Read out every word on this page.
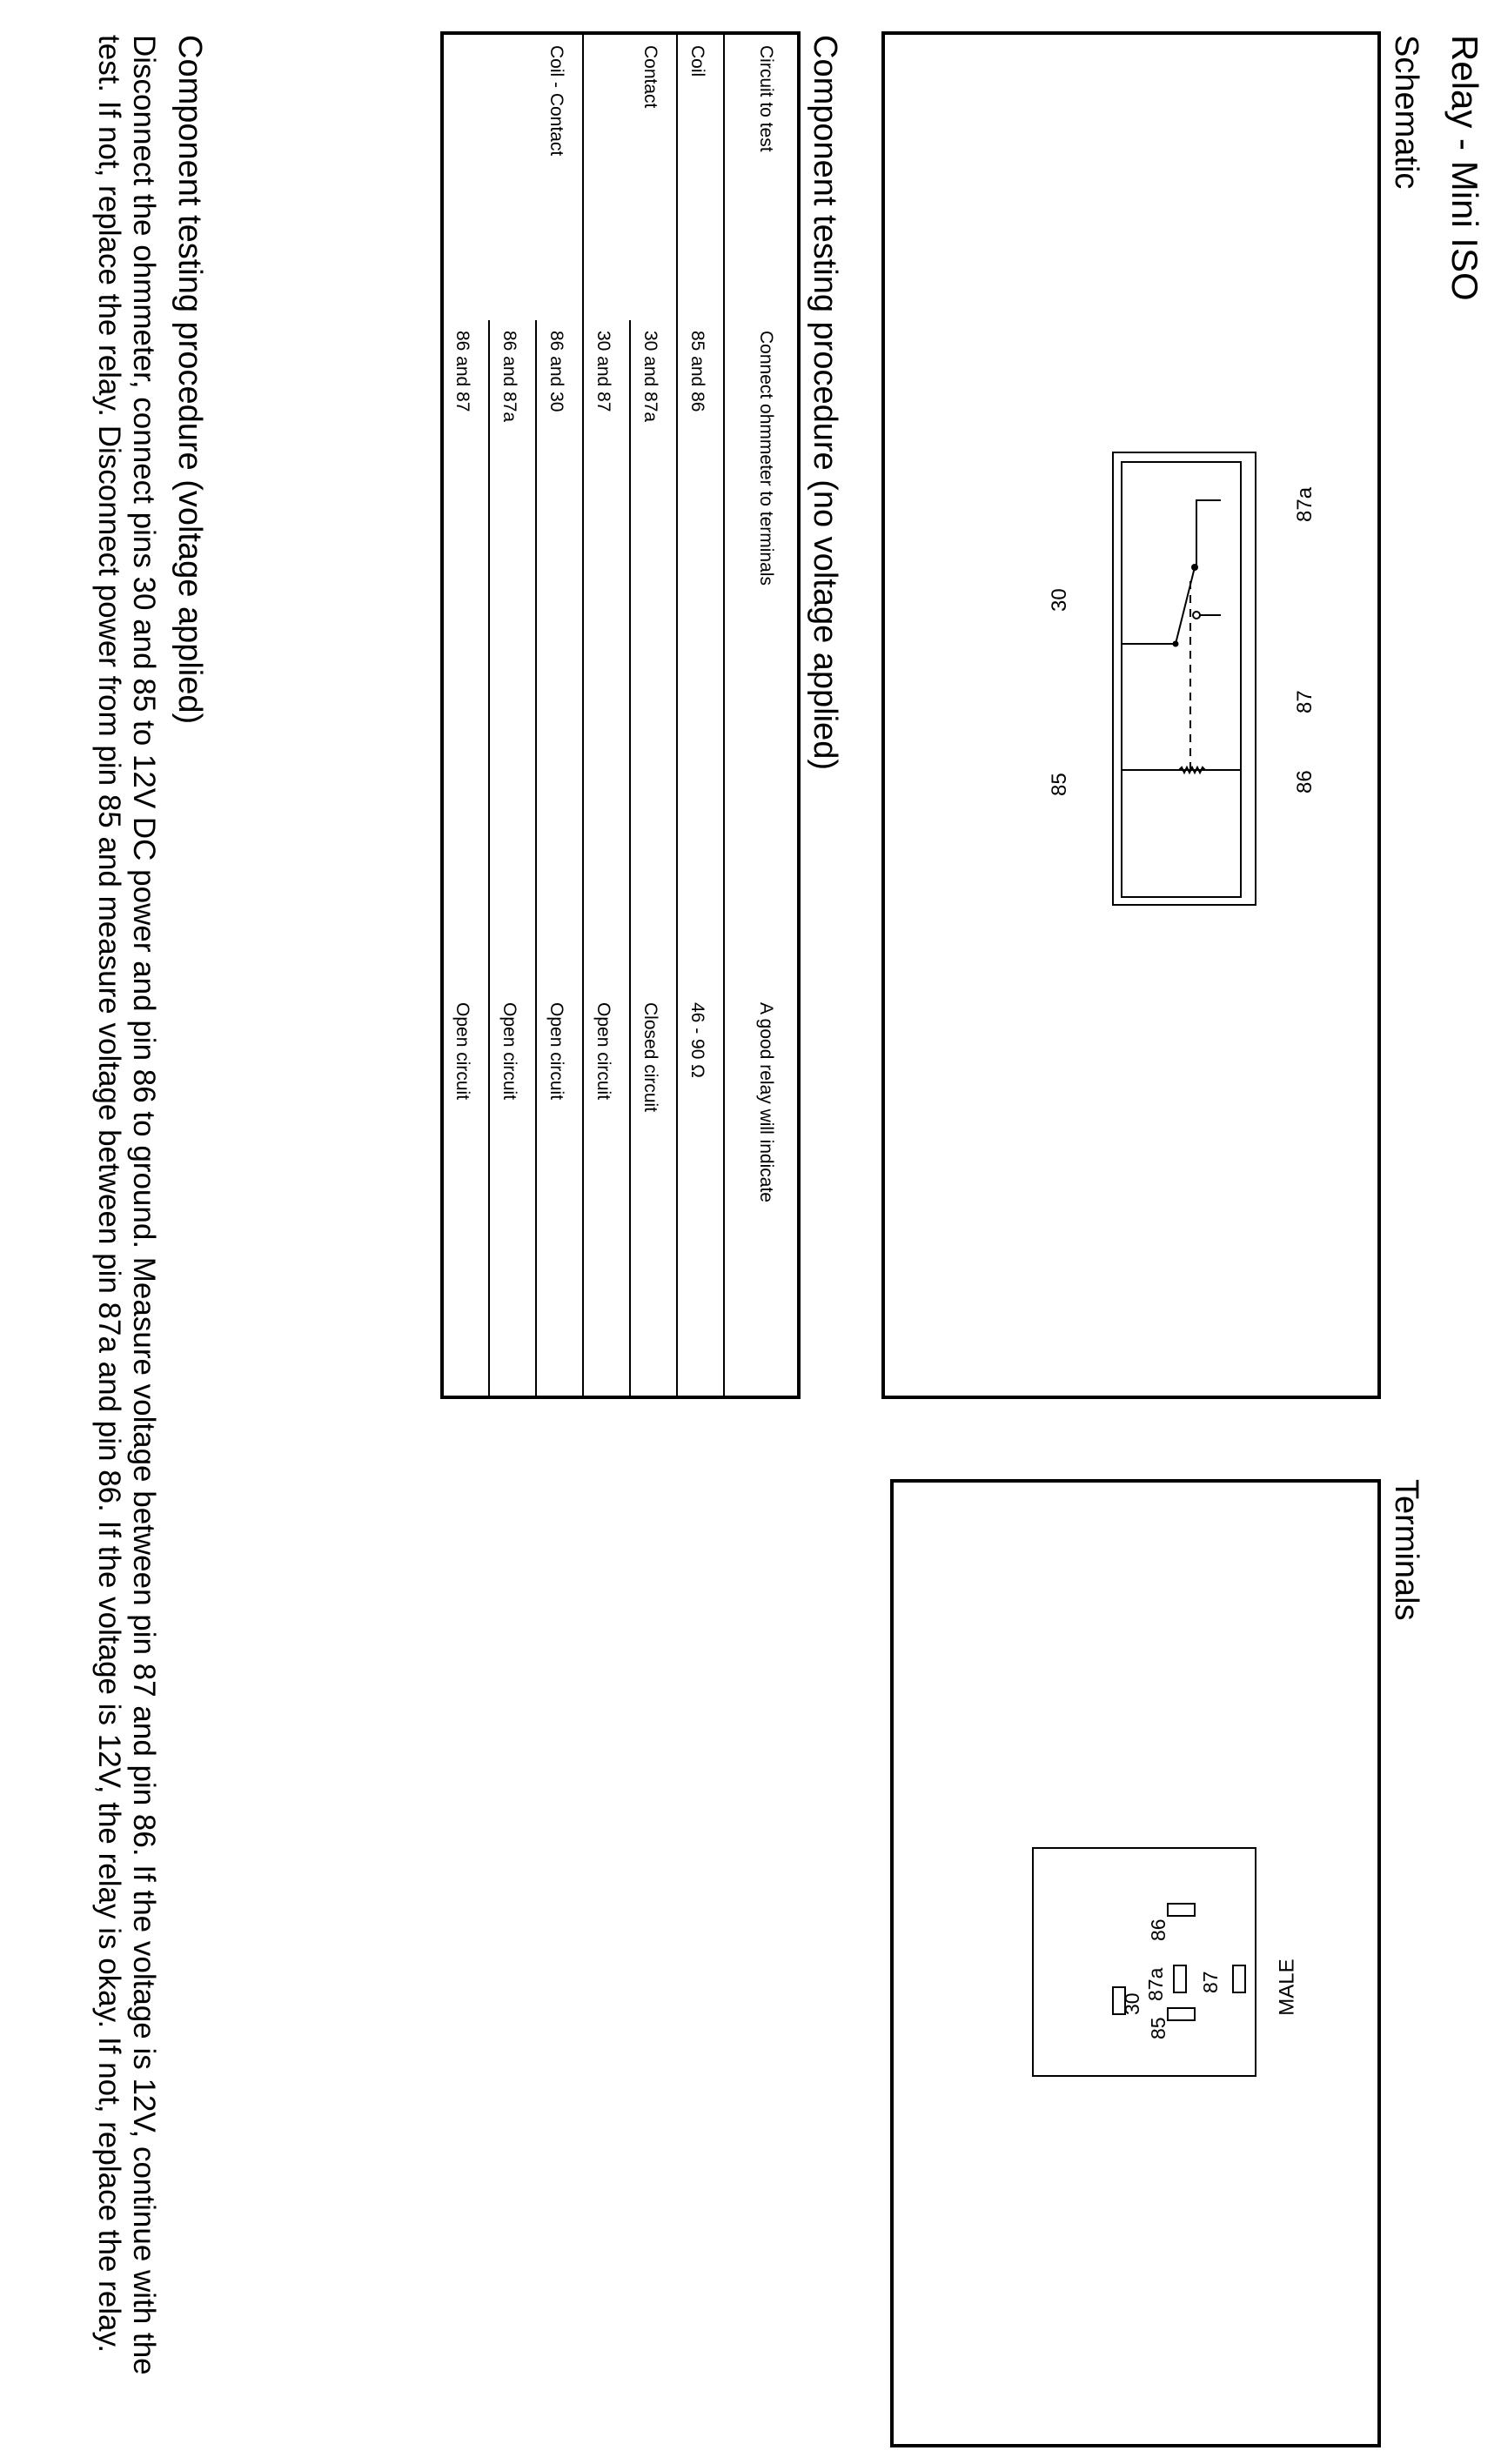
Relay - Mini ISO
Schematic
Terminals
87a
87
86
30
85
MALE
86
87
87a
30
85
Component testing procedure (no voltage applied)
Circuit to test	Connect ohmmeter to terminals	A good relay will indicate
Coil	85 and 86	46 - 90 Ω
Contact	30 and 87a	Closed circuit
	30 and 87	Open circuit
Coil - Contact	86 and 30	Open circuit
	86 and 87a	Open circuit
	86 and 87	Open circuit
Component testing procedure (voltage applied)
Disconnect the ohmmeter, connect pins 30 and 85 to 12V DC power and pin 86 to ground. Measure voltage between pin 87 and pin 86. If the voltage is 12V, continue with the test. If not, replace the relay. Disconnect power from pin 85 and measure voltage between pin 87a and pin 86. If the voltage is 12V, the relay is okay. If not, replace the relay.
